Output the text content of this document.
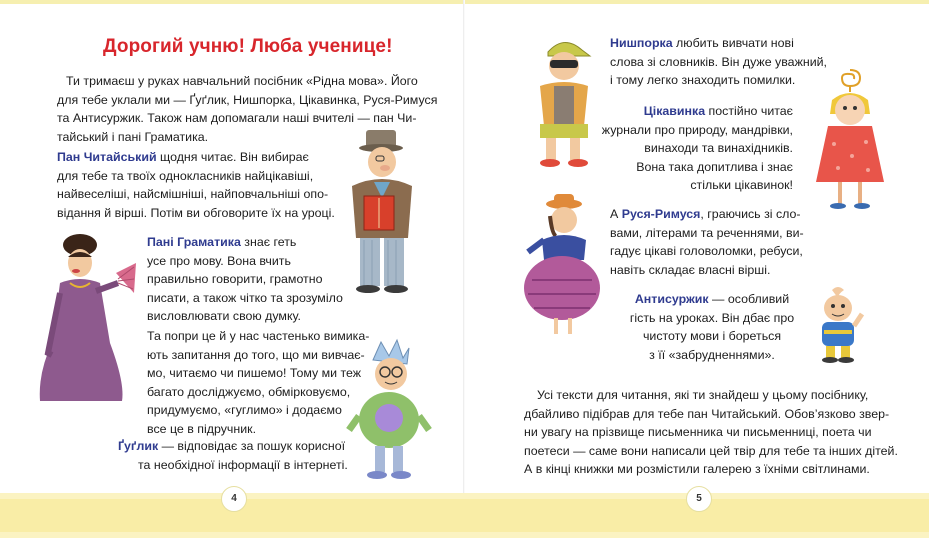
Дорогий учню! Люба ученице!
Ти тримаєш у руках навчальний посібник «Рідна мова». Його
для тебе уклали ми — Ґуґлик, Нишпорка, Цікавинка, Руся-Римуся
та Антисуржик. Також нам допомагали наші вчителі — пан Чи-
тайський і пані Граматика.
Пан Читайський щодня читає. Він вибирає
для тебе та твоїх однокласників найцікавіші,
найвеселіші, найсмішніші, найповчальніші опо-
відання й вірші. Потім ви обговорите їх на уроці.
Пані Граматика знає геть
усе про мову. Вона вчить
правильно говорити, грамотно
писати, а також чітко та зрозуміло
висловлювати свою думку.
Та попри це й у нас частенько вимика-
ють запитання до того, що ми вивчає-
мо, читаємо чи пишемо! Тому ми теж
багато досліджуємо, обмірковуємо,
придумуємо, «гуглимо» і додаємо
все це в підручник.
Ґуґлик — відповідає за пошук корисної
та необхідної інформації в інтернеті.
4
Нишпорка любить вивчати нові
слова зі словників. Він дуже уважний,
і тому легко знаходить помилки.
Цікавинка постійно читає
журнали про природу, мандрівки,
винаходи та винахідників.
Вона така допитлива і знає
стільки цікавинок!
А Руся-Римуся, граючись зі сло-
вами, літерами та реченнями, ви-
гадує цікаві головоломки, ребуси,
навіть складає власні вірші.
Антисуржик — особливий
гість на уроках. Він дбає про
чистоту мови і бореться
з її «забрудненнями».
Усі тексти для читання, які ти знайдеш у цьому посібнику,
дбайливо підібрав для тебе пан Читайський. Обов’язково звер-
ни увагу на прізвище письменника чи письменниці, поета чи
поетеси — саме вони написали цей твір для тебе та інших дітей.
А в кінці книжки ми розмістили галерею з їхніми світлинами.
5
